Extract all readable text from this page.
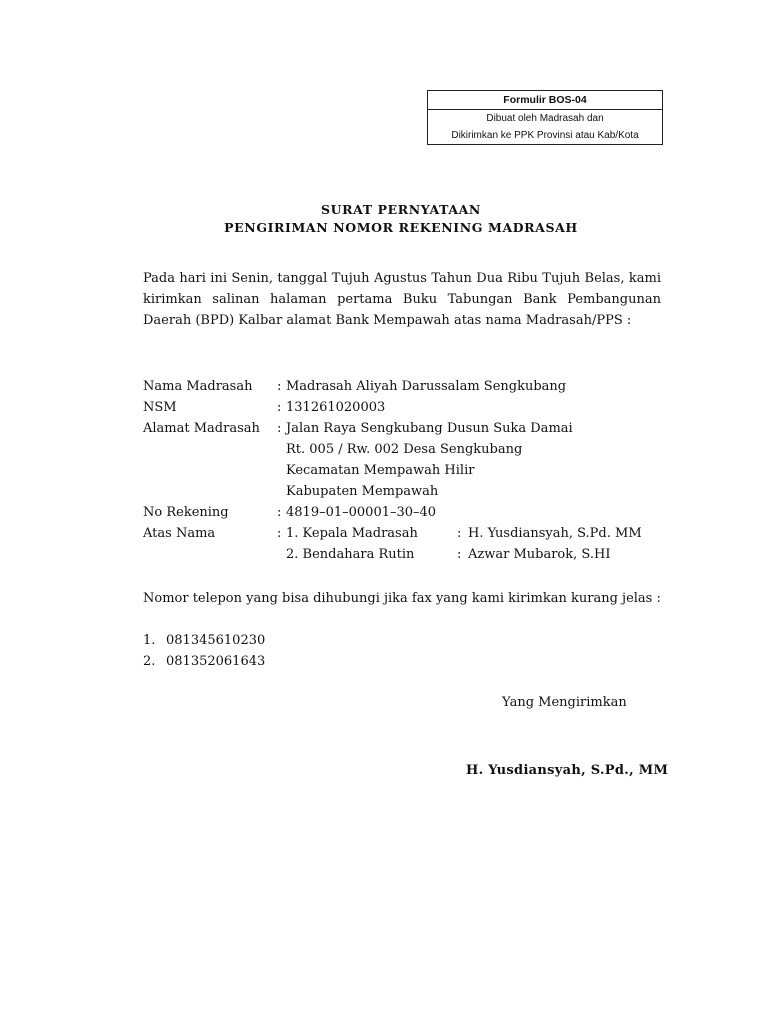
Formulir BOS-04
Dibuat oleh Madrasah dan
Dikirimkan ke PPK Provinsi atau Kab/Kota
SURAT PERNYATAAN
PENGIRIMAN NOMOR REKENING MADRASAH
Pada hari ini Senin, tanggal Tujuh Agustus Tahun Dua Ribu Tujuh Belas, kami kirimkan salinan halaman pertama Buku Tabungan Bank Pembangunan Daerah (BPD) Kalbar alamat Bank Mempawah atas nama Madrasah/PPS :
Nama Madrasah : Madrasah Aliyah Darussalam Sengkubang
NSM	: 131261020003
Alamat Madrasah : Jalan Raya Sengkubang Dusun Suka Damai
Rt. 005 / Rw. 002 Desa Sengkubang
Kecamatan Mempawah Hilir
Kabupaten Mempawah
No Rekening	: 4819–01–00001–30–40
Atas Nama	: 1. Kepala Madrasah	: H. Yusdiansyah, S.Pd. MM
2. Bendahara Rutin	: Azwar Mubarok, S.HI
Nomor telepon yang bisa dihubungi jika fax yang kami kirimkan kurang jelas :
1. 081345610230
2. 081352061643
Yang Mengirimkan
H. Yusdiansyah, S.Pd., MM
